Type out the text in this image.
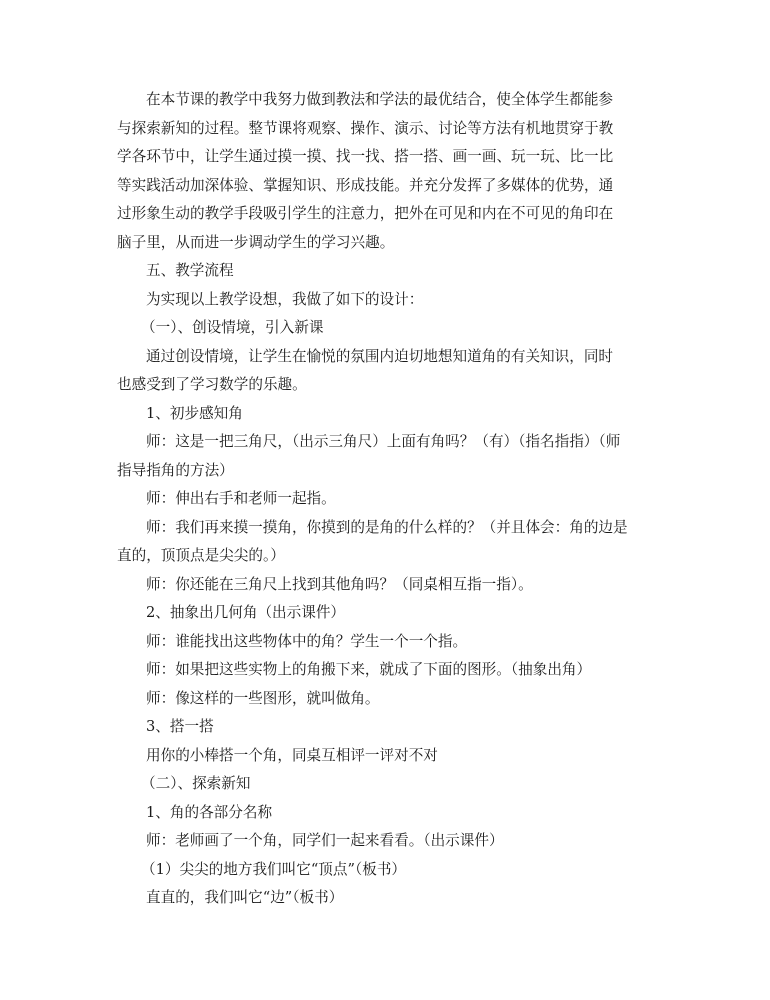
在本节课的教学中我努力做到教法和学法的最优结合，使全体学生都能参
与探索新知的过程。整节课将观察、操作、演示、讨论等方法有机地贯穿于教
学各环节中，让学生通过摸一摸、找一找、搭一搭、画一画、玩一玩、比一比
等实践活动加深体验、掌握知识、形成技能。并充分发挥了多媒体的优势，通
过形象生动的教学手段吸引学生的注意力，把外在可见和内在不可见的角印在
脑子里，从而进一步调动学生的学习兴趣。
五、教学流程
为实现以上教学设想，我做了如下的设计：
（一）、创设情境，引入新课
通过创设情境，让学生在愉悦的氛围内迫切地想知道角的有关知识，同时
也感受到了学习数学的乐趣。
1、初步感知角
师：这是一把三角尺，（出示三角尺）上面有角吗？（有）（指名指指）（师
指导指角的方法）
师：伸出右手和老师一起指。
师：我们再来摸一摸角，你摸到的是角的什么样的？（并且体会：角的边是
直的，顶顶点是尖尖的。）
师：你还能在三角尺上找到其他角吗？（同桌相互指一指）。
2、抽象出几何角（出示课件）
师：谁能找出这些物体中的角？学生一个一个指。
师：如果把这些实物上的角搬下来，就成了下面的图形。（抽象出角）
师：像这样的一些图形，就叫做角。
3、搭一搭
用你的小棒搭一个角，同桌互相评一评对不对
（二）、探索新知
1、角的各部分名称
师：老师画了一个角，同学们一起来看看。（出示课件）
（1）尖尖的地方我们叫它“顶点”（板书）
直直的，我们叫它“边”（板书）
